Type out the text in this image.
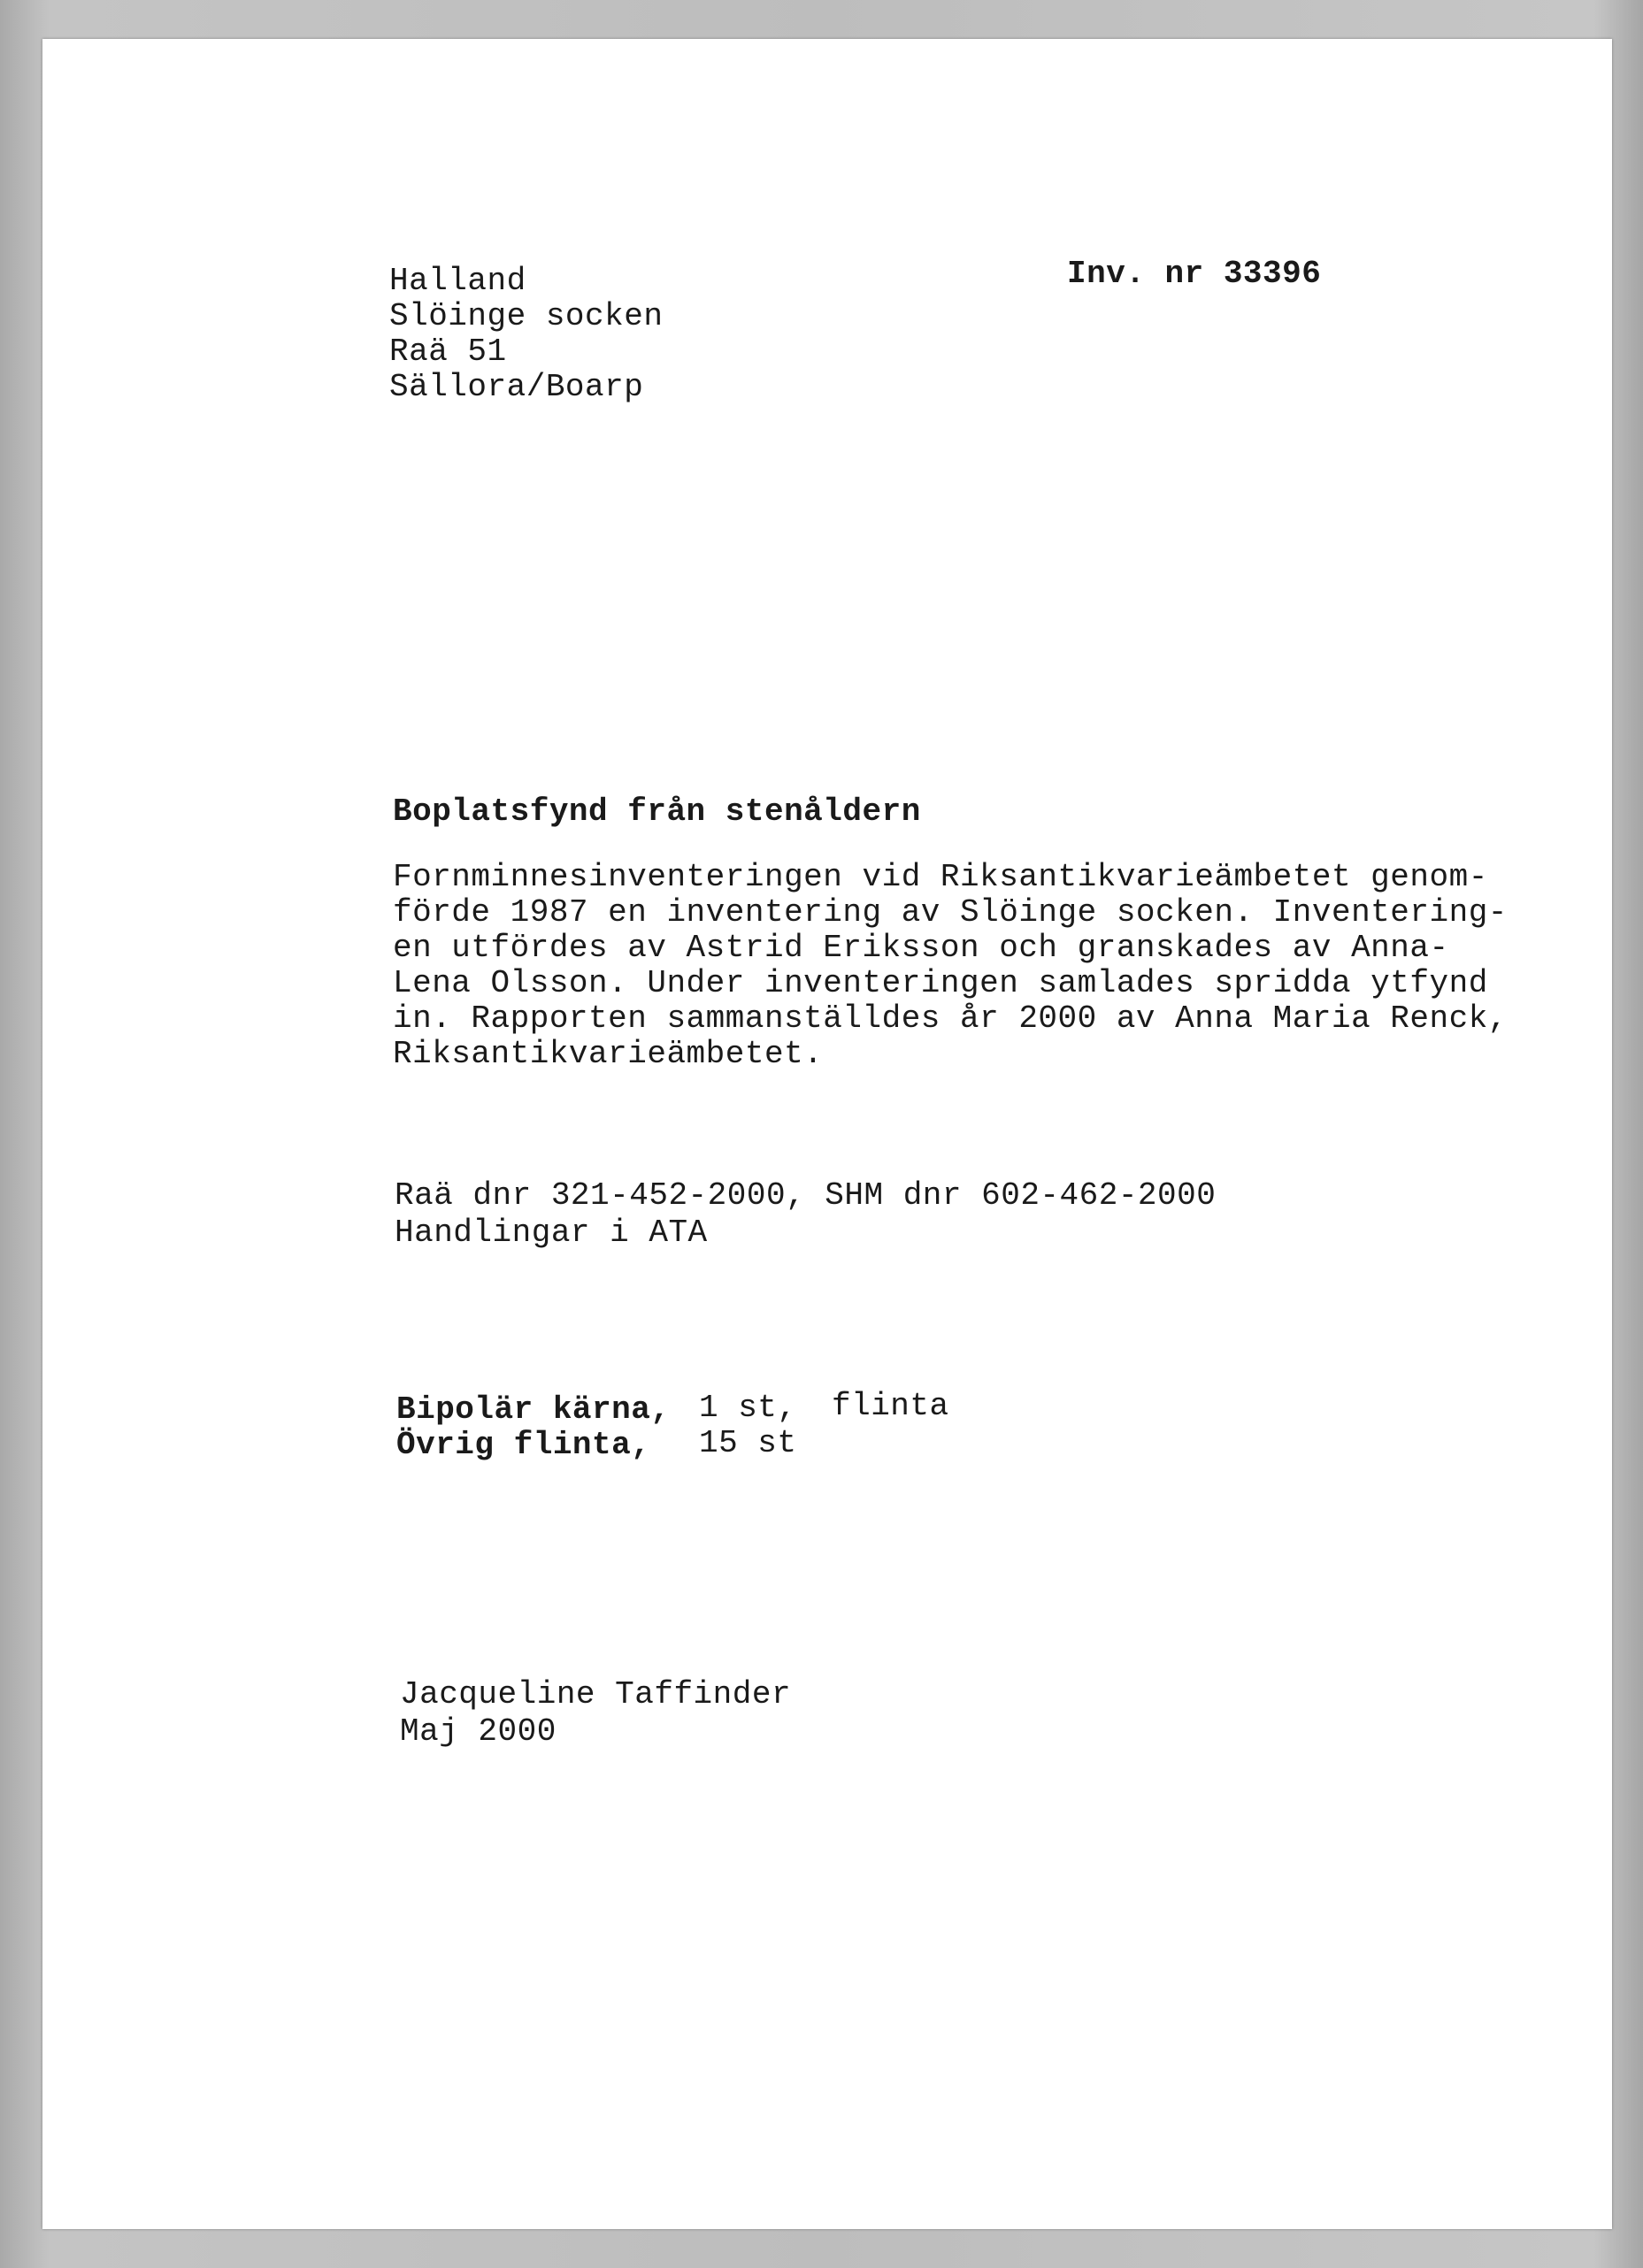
Halland
Slöinge socken
Raä 51
Sällora/Boarp
Inv. nr 33396
Boplatsfynd från stenåldern
Fornminnesinventeringen vid Riksantikvarieämbetet genom-
förde 1987 en inventering av Slöinge socken. Inventering-
en utfördes av Astrid Eriksson och granskades av Anna-
Lena Olsson. Under inventeringen samlades spridda ytfynd
in. Rapporten sammanställdes år 2000 av Anna Maria Renck,
Riksantikvarieämbetet.
Raä dnr 321-452-2000, SHM dnr 602-462-2000
Handlingar i ATA
Bipolär kärna, 1 st, flinta
Övrig flinta, 15 st
Jacqueline Taffinder
Maj 2000
